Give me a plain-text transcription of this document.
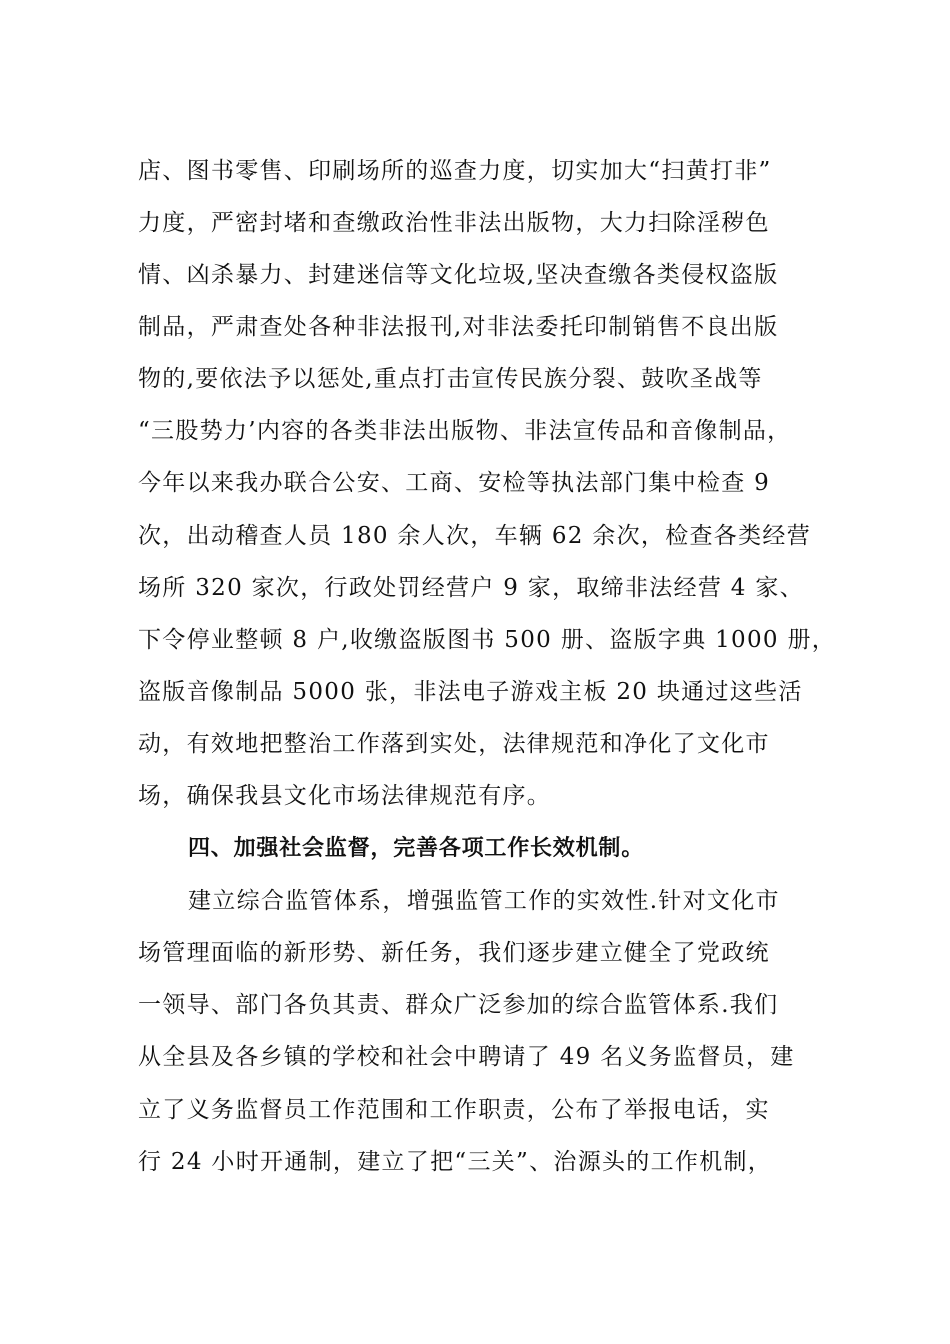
店、图书零售、印刷场所的巡查力度，切实加大“扫黄打非”

力度，严密封堵和查缴政治性非法出版物，大力扫除淫秽色

情、凶杀暴力、封建迷信等文化垃圾,坚决查缴各类侵权盗版

制品，严肃查处各种非法报刊,对非法委托印制销售不良出版

物的,要依法予以惩处,重点打击宣传民族分裂、鼓吹圣战等

“三股势力’内容的各类非法出版物、非法宣传品和音像制品，

今年以来我办联合公安、工商、安检等执法部门集中检查 9

次，出动稽查人员 180 余人次，车辆 62 余次，检查各类经营

场所 320 家次，行政处罚经营户 9 家，取缔非法经营 4 家、

下令停业整顿 8 户,收缴盗版图书 500 册、盗版字典 1000 册，

盗版音像制品 5000 张，非法电子游戏主板 20 块通过这些活

动，有效地把整治工作落到实处，法律规范和净化了文化市

场，确保我县文化市场法律规范有序。

四、加强社会监督，完善各项工作长效机制。

建立综合监管体系，增强监管工作的实效性.针对文化市

场管理面临的新形势、新任务，我们逐步建立健全了党政统

一领导、部门各负其责、群众广泛参加的综合监管体系.我们

从全县及各乡镇的学校和社会中聘请了 49 名义务监督员，建

立了义务监督员工作范围和工作职责，公布了举报电话，实

行 24 小时开通制，建立了把“三关”、治源头的工作机制，
